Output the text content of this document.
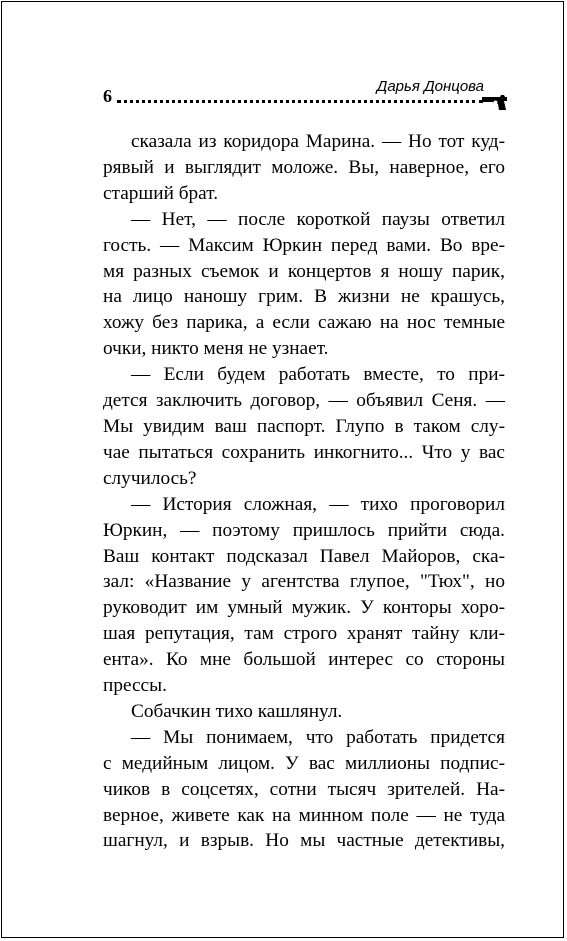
6	Дарья Донцова

сказала из коридора Марина. — Но тот куд-

рявый и выглядит моложе. Вы, наверное, его

старший брат.

— Нет, — после короткой паузы ответил

гость. — Максим Юркин перед вами. Во вре-

мя разных съемок и концертов я ношу парик,

на лицо наношу грим. В жизни не крашусь,

хожу без парика, а если сажаю на нос темные

очки, никто меня не узнает.

— Если будем работать вместе, то при-

дется заключить договор, — объявил Сеня. —

Мы увидим ваш паспорт. Глупо в таком слу-

чае пытаться сохранить инкогнито... Что у вас

случилось?

— История сложная, — тихо проговорил

Юркин, — поэтому пришлось прийти сюда.

Ваш контакт подсказал Павел Майоров, ска-

зал: «Название у агентства глупое, "Тюх", но

руководит им умный мужик. У конторы хоро-

шая репутация, там строго хранят тайну кли-

ента». Ко мне большой интерес со стороны

прессы.

Собачкин тихо кашлянул.

— Мы понимаем, что работать придется

с медийным лицом. У вас миллионы подпис-

чиков в соцсетях, сотни тысяч зрителей. На-

верное, живете как на минном поле — не туда

шагнул, и взрыв. Но мы частные детективы,
